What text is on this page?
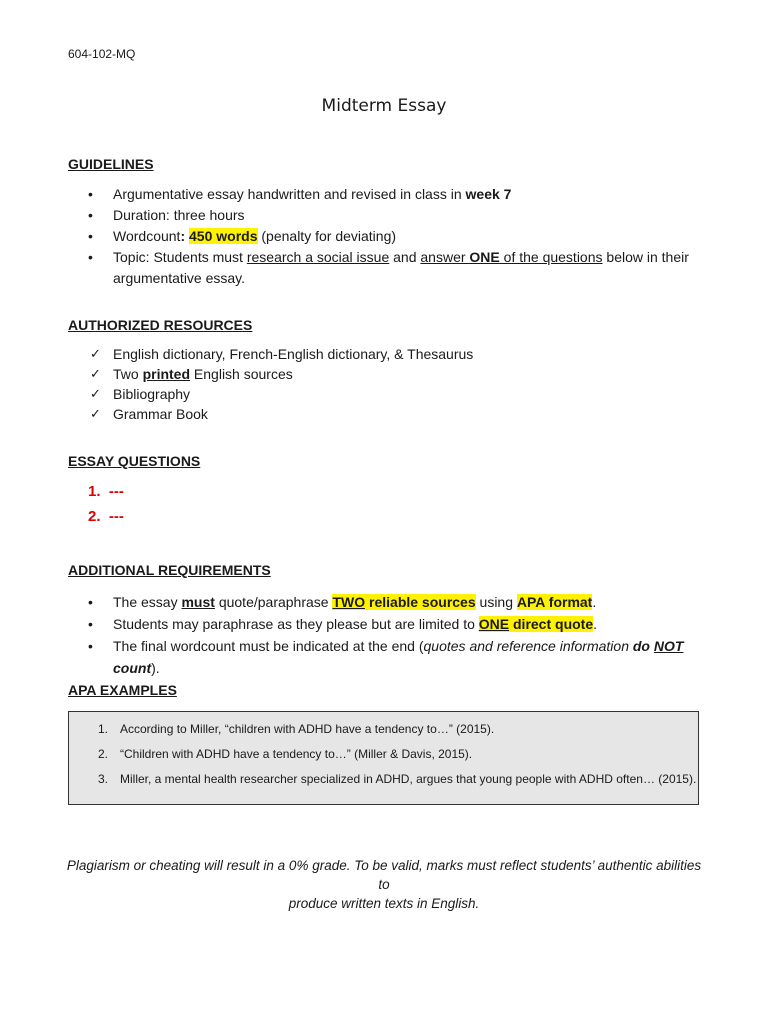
604-102-MQ
Midterm Essay
GUIDELINES
• Argumentative essay handwritten and revised in class in week 7
• Duration: three hours
• Wordcount: 450 words (penalty for deviating)
• Topic: Students must research a social issue and answer ONE of the questions below in their
argumentative essay.
AUTHORIZED RESOURCES
✓ English dictionary, French-English dictionary, & Thesaurus
✓ Two printed English sources
✓ Bibliography
✓ Grammar Book
ESSAY QUESTIONS
1. ---
2. ---
ADDITIONAL REQUIREMENTS
• The essay must quote/paraphrase TWO reliable sources using APA format.
• Students may paraphrase as they please but are limited to ONE direct quote.
• The final wordcount must be indicated at the end (quotes and reference information do NOT count).
APA EXAMPLES
1. According to Miller, “children with ADHD have a tendency to…” (2015).
2. “Children with ADHD have a tendency to…” (Miller & Davis, 2015).
3. Miller, a mental health researcher specialized in ADHD, argues that young people with ADHD often… (2015).
Plagiarism or cheating will result in a 0% grade. To be valid, marks must reflect students’ authentic abilities to
produce written texts in English.
